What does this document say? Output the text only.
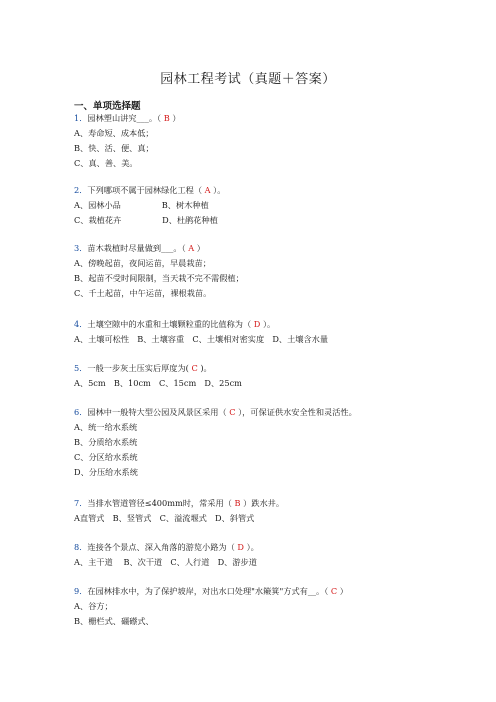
园林工程考试（真题＋答案）
一、单项选择题
1．园林塑山讲究___。（ B ）
A、寿命短、成本低；
B、快、活、便、真；
C、真、善、美。
2．下列哪项不属于园林绿化工程（ A ）。
A、园林小品　　　　　B、树木种植
C、栽植花卉　　　　　D、杜鹃花种植
3．苗木栽植时尽量做到___。（ A ）
A、傍晚起苗，夜间运苗，早晨栽苗；
B、起苗不受时间限制，当天栽不完不需假植；
C、千土起苗，中午运苗，裸根栽苗。
4．土壤空隙中的水重和土壤颗粒重的比值称为（ D ）。
A、土壤可松性　B、土壤容重　C、土壤相对密实度　D、土壤含水量
5．一般一步灰土压实后厚度为( C )。
A、5cm　B、10cm　C、15cm　D、25cm
6．园林中一般特大型公园及风景区采用（ C ），可保证供水安全性和灵活性。
A、统一给水系统
B、分质给水系统
C、分区给水系统
D、分压给水系统
7．当排水管道管径≤400mm时，常采用（ B ）跌水井。
A直管式　B、竖管式　C、溢流堰式　D、斜管式
8．连接各个景点、深入角落的游览小路为（ D ）。
A、主干道　 B、次干道　C、人行道　D、游步道
9．在园林排水中，为了保护坡岸，对出水口处理"水簸箕"方式有__。（ C ）
A、谷方；
B、栅栏式、礓礤式、
